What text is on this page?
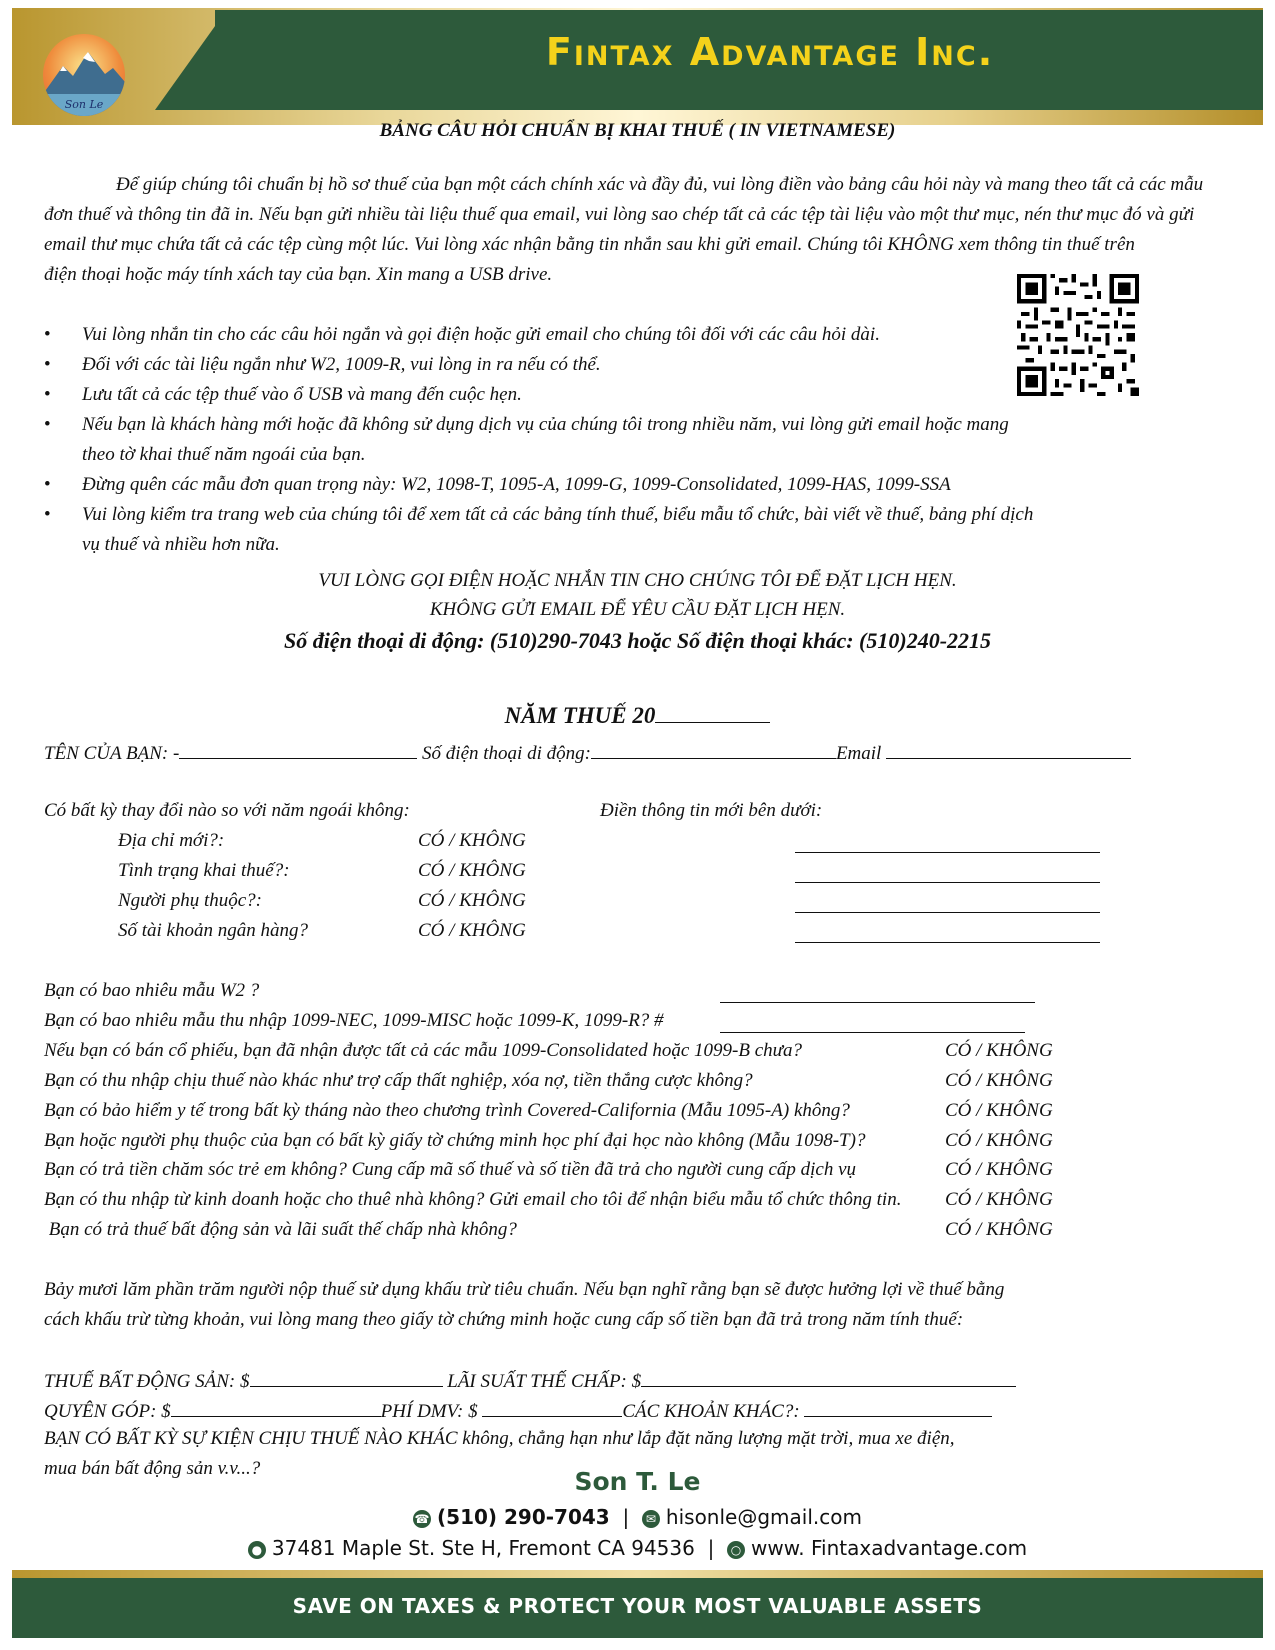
Fintax Advantage Inc.
Son Le
BẢNG CÂU HỎI CHUẨN BỊ KHAI THUẾ ( IN VIETNAMESE)
Để giúp chúng tôi chuẩn bị hồ sơ thuế của bạn một cách chính xác và đầy đủ, vui lòng điền vào bảng câu hỏi này và mang theo tất cả các mẫu
đơn thuế và thông tin đã in. Nếu bạn gửi nhiều tài liệu thuế qua email, vui lòng sao chép tất cả các tệp tài liệu vào một thư mục, nén thư mục đó và gửi
email thư mục chứa tất cả các tệp cùng một lúc. Vui lòng xác nhận bằng tin nhắn sau khi gửi email. Chúng tôi KHÔNG xem thông tin thuế trên
điện thoại hoặc máy tính xách tay của bạn. Xin mang a USB drive.
• Vui lòng nhắn tin cho các câu hỏi ngắn và gọi điện hoặc gửi email cho chúng tôi đối với các câu hỏi dài.
• Đối với các tài liệu ngắn như W2, 1009-R, vui lòng in ra nếu có thể.
• Lưu tất cả các tệp thuế vào ổ USB và mang đến cuộc hẹn.
• Nếu bạn là khách hàng mới hoặc đã không sử dụng dịch vụ của chúng tôi trong nhiều năm, vui lòng gửi email hoặc mang theo tờ khai thuế năm ngoái của bạn.
• Đừng quên các mẫu đơn quan trọng này: W2, 1098-T, 1095-A, 1099-G, 1099-Consolidated, 1099-HAS, 1099-SSA
• Vui lòng kiểm tra trang web của chúng tôi để xem tất cả các bảng tính thuế, biểu mẫu tổ chức, bài viết về thuế, bảng phí dịch vụ thuế và nhiều hơn nữa.
VUI LÒNG GỌI ĐIỆN HOẶC NHẮN TIN CHO CHÚNG TÔI ĐỂ ĐẶT LỊCH HẸN.
KHÔNG GỬI EMAIL ĐỂ YÊU CẦU ĐẶT LỊCH HẸN.
Số điện thoại di động: (510)290-7043 hoặc Số điện thoại khác: (510)240-2215
NĂM THUẾ 20
TÊN CỦA BẠN: -	Số điện thoại di động:	Email
Có bất kỳ thay đổi nào so với năm ngoái không:	Điền thông tin mới bên dưới:
Địa chỉ mới?:	CÓ / KHÔNG
Tình trạng khai thuế?:	CÓ / KHÔNG
Người phụ thuộc?:	CÓ / KHÔNG
Số tài khoản ngân hàng?	CÓ / KHÔNG
Bạn có bao nhiêu mẫu W2 ?
Bạn có bao nhiêu mẫu thu nhập 1099-NEC, 1099-MISC hoặc 1099-K, 1099-R? #
Nếu bạn có bán cổ phiếu, bạn đã nhận được tất cả các mẫu 1099-Consolidated hoặc 1099-B chưa?	CÓ / KHÔNG
Bạn có thu nhập chịu thuế nào khác như trợ cấp thất nghiệp, xóa nợ, tiền thắng cược không?	CÓ / KHÔNG
Bạn có bảo hiểm y tế trong bất kỳ tháng nào theo chương trình Covered-California (Mẫu 1095-A) không?	CÓ / KHÔNG
Bạn hoặc người phụ thuộc của bạn có bất kỳ giấy tờ chứng minh học phí đại học nào không (Mẫu 1098-T)?	CÓ / KHÔNG
Bạn có trả tiền chăm sóc trẻ em không? Cung cấp mã số thuế và số tiền đã trả cho người cung cấp dịch vụ	CÓ / KHÔNG
Bạn có thu nhập từ kinh doanh hoặc cho thuê nhà không? Gửi email cho tôi để nhận biểu mẫu tổ chức thông tin. CÓ / KHÔNG
Bạn có trả thuế bất động sản và lãi suất thế chấp nhà không?	CÓ / KHÔNG
Bảy mươi lăm phần trăm người nộp thuế sử dụng khấu trừ tiêu chuẩn. Nếu bạn nghĩ rằng bạn sẽ được hưởng lợi về thuế bằng
cách khấu trừ từng khoản, vui lòng mang theo giấy tờ chứng minh hoặc cung cấp số tiền bạn đã trả trong năm tính thuế:
THUẾ BẤT ĐỘNG SẢN: $	LÃI SUẤT THẾ CHẤP: $
QUYÊN GÓP: $	PHÍ DMV: $	CÁC KHOẢN KHÁC?:
BẠN CÓ BẤT KỲ SỰ KIỆN CHỊU THUẾ NÀO KHÁC không, chẳng hạn như lắp đặt năng lượng mặt trời, mua xe điện,
mua bán bất động sản v.v...?	Son T. Le
☎ (510) 290-7043 | ✉ hisonle@gmail.com
● 37481 Maple St. Ste H, Fremont CA 94536 | ○ www. Fintaxadvantage.com
SAVE ON TAXES & PROTECT YOUR MOST VALUABLE ASSETS
